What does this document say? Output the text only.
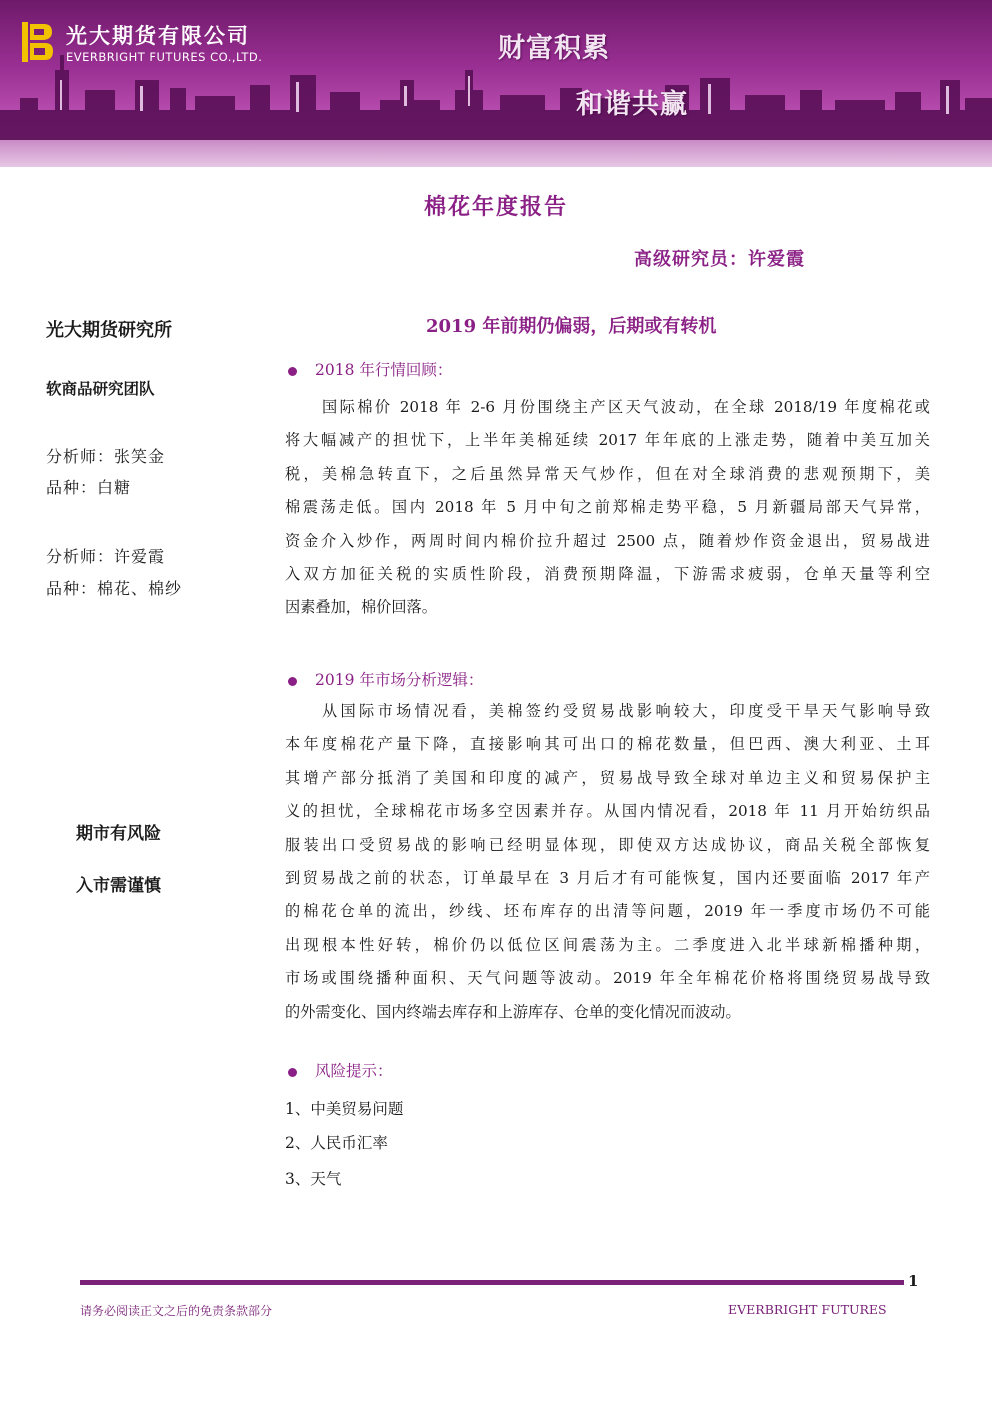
光大期货有限公司
EVERBRIGHT FUTURES CO.,LTD.	财富积累
和谐共赢
棉花年度报告
高级研究员：许爱霞
光大期货研究所
软商品研究团队
分析师：张笑金
品种：白糖
分析师：许爱霞
品种：棉花、棉纱
期市有风险
入市需谨慎
2019 年前期仍偏弱，后期或有转机
2018 年行情回顾：
国际棉价 2018 年 2-6 月份围绕主产区天气波动，在全球 2018/19 年度棉花或
将大幅减产的担忧下，上半年美棉延续 2017 年年底的上涨走势，随着中美互加关
税，美棉急转直下，之后虽然异常天气炒作，但在对全球消费的悲观预期下，美
棉震荡走低。国内 2018 年 5 月中旬之前郑棉走势平稳，5 月新疆局部天气异常，
资金介入炒作，两周时间内棉价拉升超过 2500 点，随着炒作资金退出，贸易战进
入双方加征关税的实质性阶段，消费预期降温，下游需求疲弱，仓单天量等利空
因素叠加，棉价回落。
2019 年市场分析逻辑：
从国际市场情况看，美棉签约受贸易战影响较大，印度受干旱天气影响导致
本年度棉花产量下降，直接影响其可出口的棉花数量，但巴西、澳大利亚、土耳
其增产部分抵消了美国和印度的减产，贸易战导致全球对单边主义和贸易保护主
义的担忧，全球棉花市场多空因素并存。从国内情况看，2018 年 11 月开始纺织品
服装出口受贸易战的影响已经明显体现，即使双方达成协议，商品关税全部恢复
到贸易战之前的状态，订单最早在 3 月后才有可能恢复，国内还要面临 2017 年产
的棉花仓单的流出，纱线、坯布库存的出清等问题，2019 年一季度市场仍不可能
出现根本性好转，棉价仍以低位区间震荡为主。二季度进入北半球新棉播种期，
市场或围绕播种面积、天气问题等波动。2019 年全年棉花价格将围绕贸易战导致
的外需变化、国内终端去库存和上游库存、仓单的变化情况而波动。
风险提示：
1、中美贸易问题
2、人民币汇率
3、天气
1
请务必阅读正文之后的免责条款部分	EVERBRIGHT FUTURES
